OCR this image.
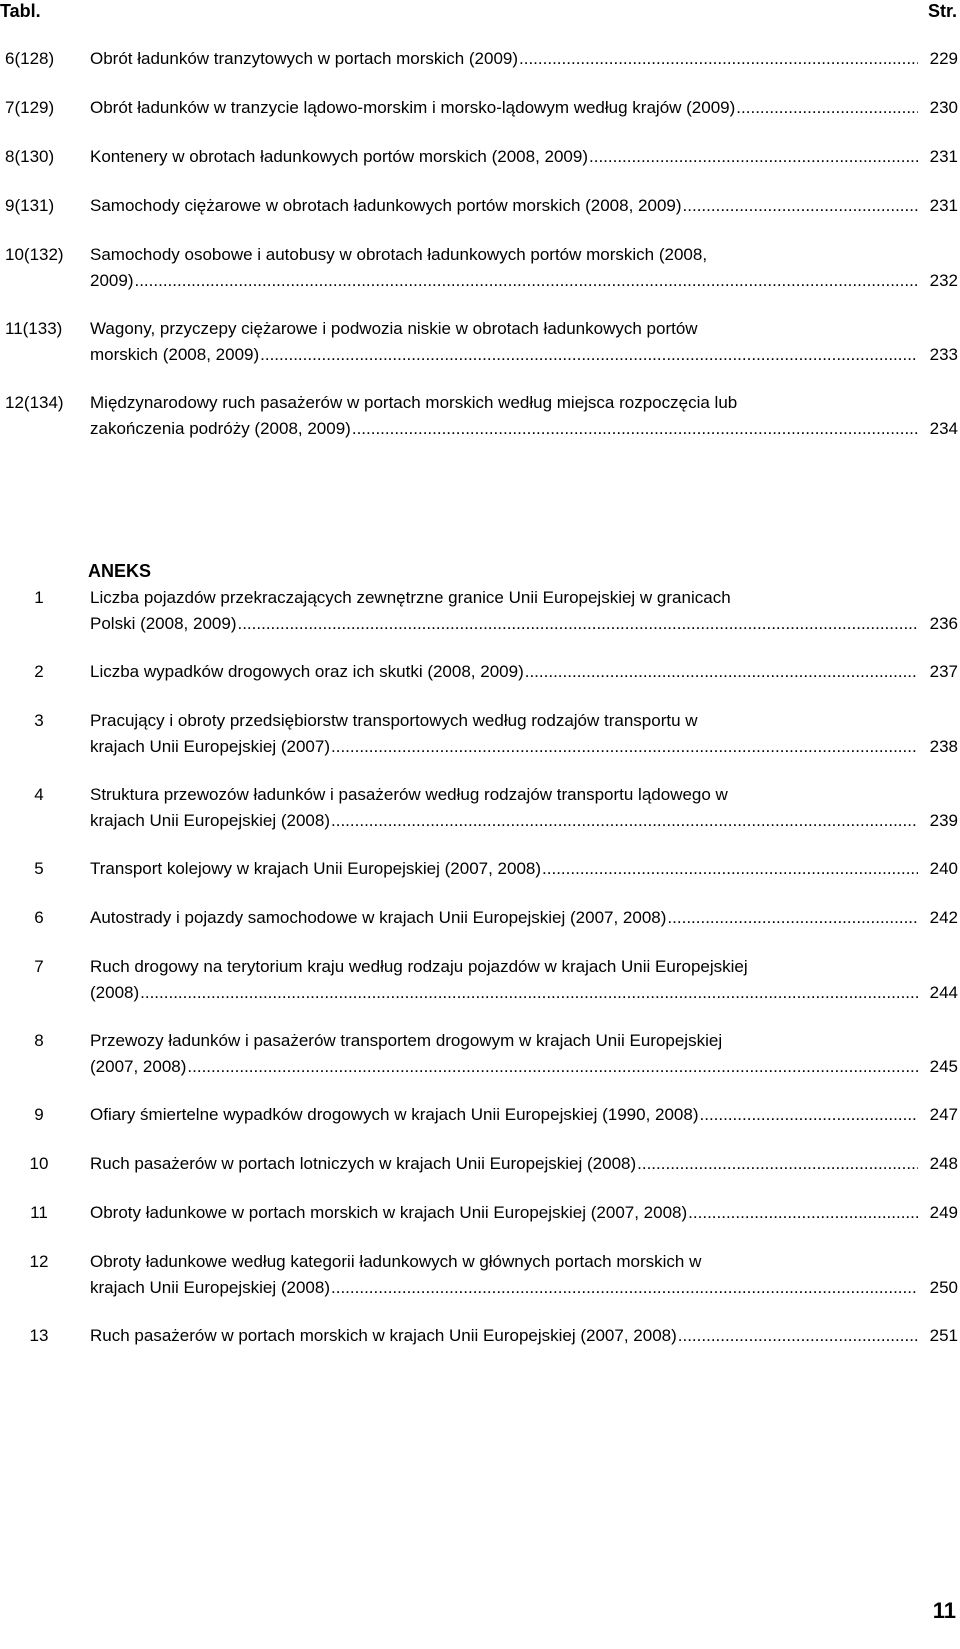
Tabl.	Str.
6(128)	Obrót ładunków tranzytowych w portach morskich (2009) .....	229
7(129)	Obrót ładunków w tranzycie lądowo-morskim i morsko-lądowym według krajów (2009) .....	230
8(130)	Kontenery w obrotach ładunkowych portów morskich (2008, 2009) .....	231
9(131)	Samochody ciężarowe w obrotach ładunkowych portów morskich (2008, 2009) .....	231
10(132)	Samochody osobowe i autobusy w obrotach ładunkowych portów morskich (2008,
2009) .....	232
11(133)	Wagony, przyczepy ciężarowe i podwozia niskie w obrotach ładunkowych portów
morskich (2008, 2009) .....	233
12(134)	Międzynarodowy ruch pasażerów w portach morskich według miejsca rozpoczęcia lub
zakończenia podróży (2008, 2009) .....	234
ANEKS
1	Liczba pojazdów przekraczających zewnętrzne granice Unii Europejskiej w granicach
Polski (2008, 2009) .....	236
2	Liczba wypadków drogowych oraz ich skutki (2008, 2009) .....	237
3	Pracujący i obroty przedsiębiorstw transportowych według rodzajów transportu w
krajach Unii Europejskiej (2007) .....	238
4	Struktura przewozów ładunków i pasażerów według rodzajów transportu lądowego w
krajach Unii Europejskiej (2008) .....	239
5	Transport kolejowy w krajach Unii Europejskiej (2007, 2008) .....	240
6	Autostrady i pojazdy samochodowe w krajach Unii Europejskiej (2007, 2008) .....	242
7	Ruch drogowy na terytorium kraju według rodzaju pojazdów w krajach Unii Europejskiej
(2008) .....	244
8	Przewozy ładunków i pasażerów transportem drogowym w krajach Unii Europejskiej
(2007, 2008) .....	245
9	Ofiary śmiertelne wypadków drogowych w krajach Unii Europejskiej (1990, 2008) .....	247
10	Ruch pasażerów w portach lotniczych w krajach Unii Europejskiej (2008) .....	248
11	Obroty ładunkowe w portach morskich w krajach Unii Europejskiej (2007, 2008) .....	249
12	Obroty ładunkowe według kategorii ładunkowych w głównych portach morskich w
krajach Unii Europejskiej (2008) .....	250
13	Ruch pasażerów w portach morskich w krajach Unii Europejskiej (2007, 2008) .....	251
11
